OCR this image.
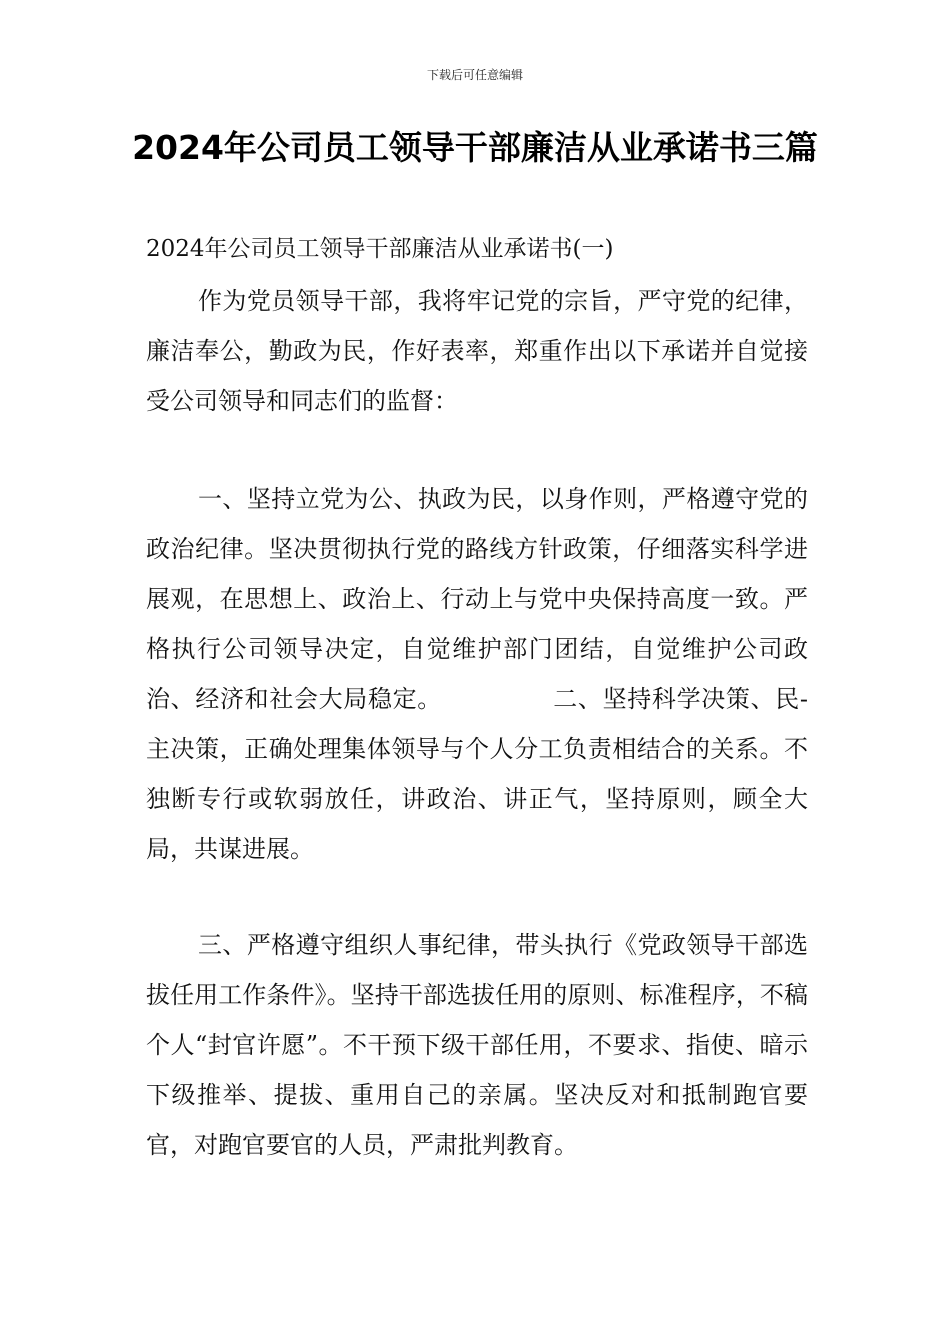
下载后可任意编辑
2024年公司员工领导干部廉洁从业承诺书三篇
2024年公司员工领导干部廉洁从业承诺书(一)
作为党员领导干部，我将牢记党的宗旨，严守党的纪律，廉洁奉公，勤政为民，作好表率，郑重作出以下承诺并自觉接受公司领导和同志们的监督：
一、坚持立党为公、执政为民，以身作则，严格遵守党的政治纪律。坚决贯彻执行党的路线方针政策，仔细落实科学进展观，在思想上、政治上、行动上与党中央保持高度一致。严格执行公司领导决定，自觉维护部门团结，自觉维护公司政治、经济和社会大局稳定。　　　　　二、坚持科学决策、民-主决策，正确处理集体领导与个人分工负责相结合的关系。不独断专行或软弱放任，讲政治、讲正气，坚持原则，顾全大局，共谋进展。
三、严格遵守组织人事纪律，带头执行《党政领导干部选拔任用工作条件》。坚持干部选拔任用的原则、标准程序，不稿个人“封官许愿”。不干预下级干部任用，不要求、指使、暗示下级推举、提拔、重用自己的亲属。坚决反对和抵制跑官要官，对跑官要官的人员，严肃批判教育。
